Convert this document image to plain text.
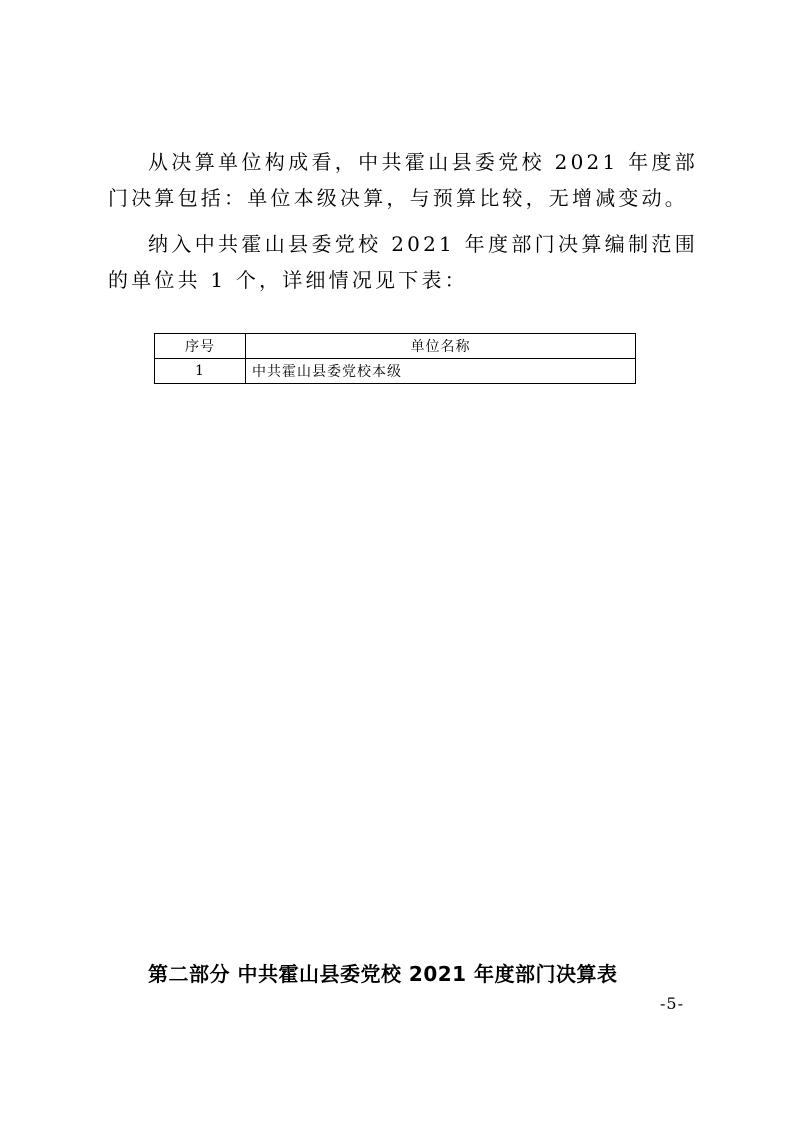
从决算单位构成看，中共霍山县委党校 2021 年度部门决算包括：单位本级决算，与预算比较，无增减变动。

纳入中共霍山县委党校 2021 年度部门决算编制范围的单位共 1 个，详细情况见下表：

序号	单位名称
1	中共霍山县委党校本级
第二部分 中共霍山县委党校 2021 年度部门决算表
-5-
